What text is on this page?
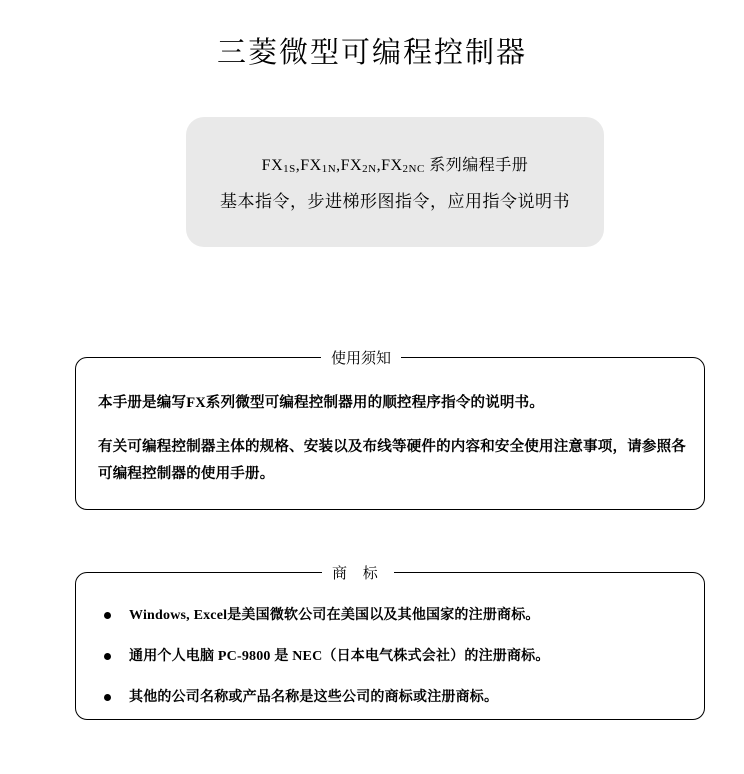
三菱微型可编程控制器
FX1S,FX1N,FX2N,FX2NC 系列编程手册
基本指令，步进梯形图指令，应用指令说明书
使用须知
本手册是编写FX系列微型可编程控制器用的顺控程序指令的说明书。
有关可编程控制器主体的规格、安装以及布线等硬件的内容和安全使用注意事项，请参照各可编程控制器的使用手册。
商 标
Windows, Excel是美国微软公司在美国以及其他国家的注册商标。
通用个人电脑 PC-9800 是 NEC（日本电气株式会社）的注册商标。
其他的公司名称或产品名称是这些公司的商标或注册商标。
